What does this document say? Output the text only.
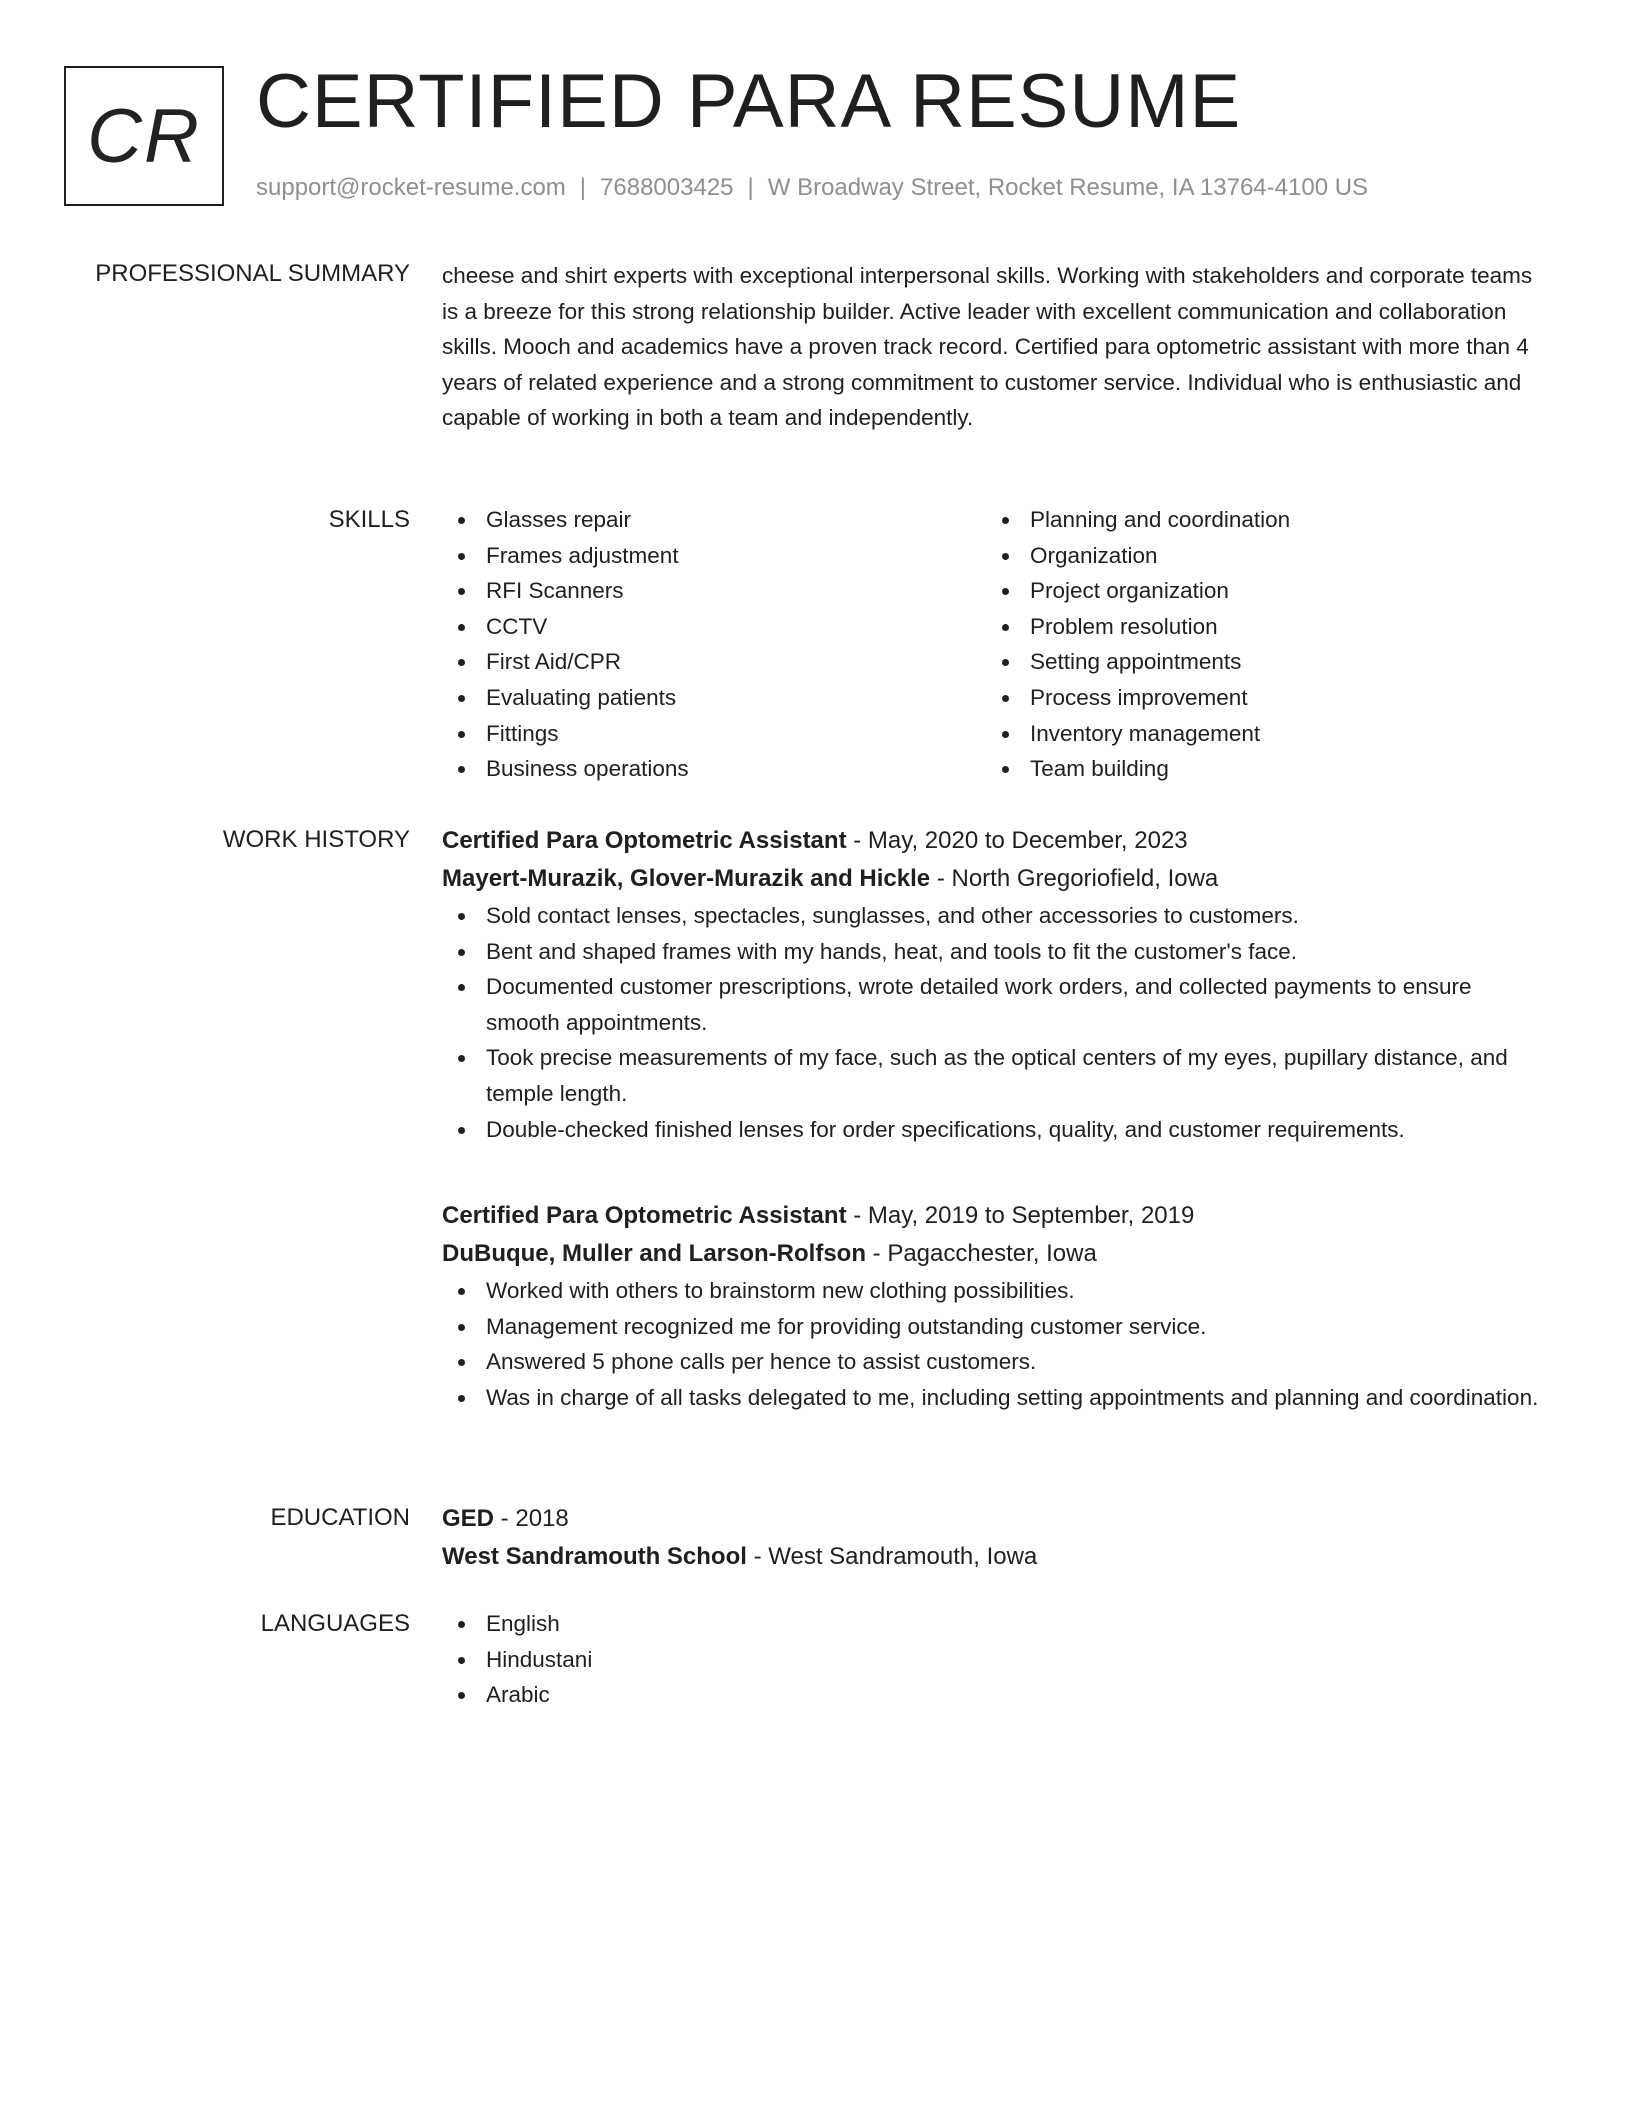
CR CERTIFIED PARA RESUME
support@rocket-resume.com | 7688003425 | W Broadway Street, Rocket Resume, IA 13764-4100 US
PROFESSIONAL SUMMARY cheese and shirt experts with exceptional interpersonal skills. Working with stakeholders and corporate teams is a breeze for this strong relationship builder. Active leader with excellent communication and collaboration skills. Mooch and academics have a proven track record. Certified para optometric assistant with more than 4 years of related experience and a strong commitment to customer service. Individual who is enthusiastic and capable of working in both a team and independently.

SKILLS	Glasses repair
Frames adjustment
RFI Scanners
CCTV
First Aid/CPR
Evaluating patients
Fittings
Business operations
Planning and coordination
Organization
Project organization
Problem resolution
Setting appointments
Process improvement
Inventory management
Team building
WORK HISTORY Certified Para Optometric Assistant - May, 2020 to December, 2023
Mayert-Murazik, Glover-Murazik and Hickle - North Gregoriofield, Iowa
Sold contact lenses, spectacles, sunglasses, and other accessories to customers.
Bent and shaped frames with my hands, heat, and tools to fit the customer's face.
Documented customer prescriptions, wrote detailed work orders, and collected payments to ensure smooth appointments.
Took precise measurements of my face, such as the optical centers of my eyes, pupillary distance, and temple length.
Double-checked finished lenses for order specifications, quality, and customer requirements.
Certified Para Optometric Assistant - May, 2019 to September, 2019
DuBuque, Muller and Larson-Rolfson - Pagacchester, Iowa
Worked with others to brainstorm new clothing possibilities.
Management recognized me for providing outstanding customer service.
Answered 5 phone calls per hence to assist customers.
Was in charge of all tasks delegated to me, including setting appointments and planning and coordination.
EDUCATION GED - 2018
West Sandramouth School - West Sandramouth, Iowa
LANGUAGES	English
Hindustani
Arabic
